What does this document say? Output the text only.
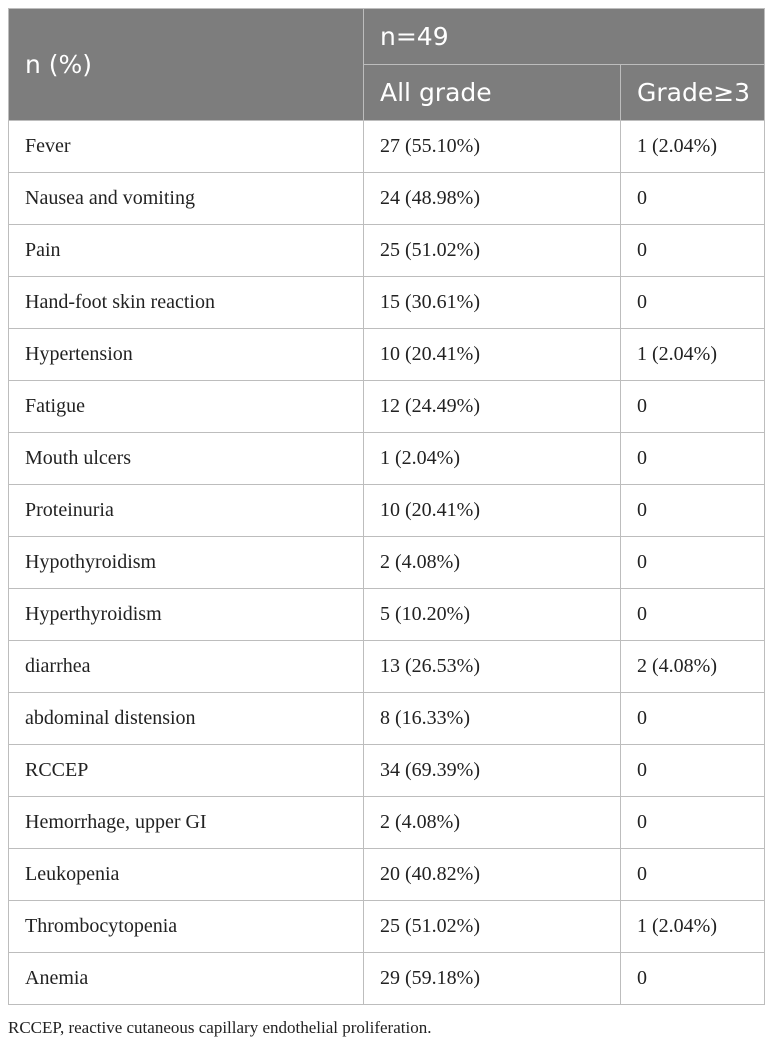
n (%)	n=49	
	All grade	Grade≥3
Fever	27 (55.10%)	1 (2.04%)
Nausea and vomiting	24 (48.98%)	0
Pain	25 (51.02%)	0
Hand-foot skin reaction	15 (30.61%)	0
Hypertension	10 (20.41%)	1 (2.04%)
Fatigue	12 (24.49%)	0
Mouth ulcers	1 (2.04%)	0
Proteinuria	10 (20.41%)	0
Hypothyroidism	2 (4.08%)	0
Hyperthyroidism	5 (10.20%)	0
diarrhea	13 (26.53%)	2 (4.08%)
abdominal distension	8 (16.33%)	0
RCCEP	34 (69.39%)	0
Hemorrhage, upper GI	2 (4.08%)	0
Leukopenia	20 (40.82%)	0
Thrombocytopenia	25 (51.02%)	1 (2.04%)
Anemia	29 (59.18%)	0
RCCEP, reactive cutaneous capillary endothelial proliferation.
